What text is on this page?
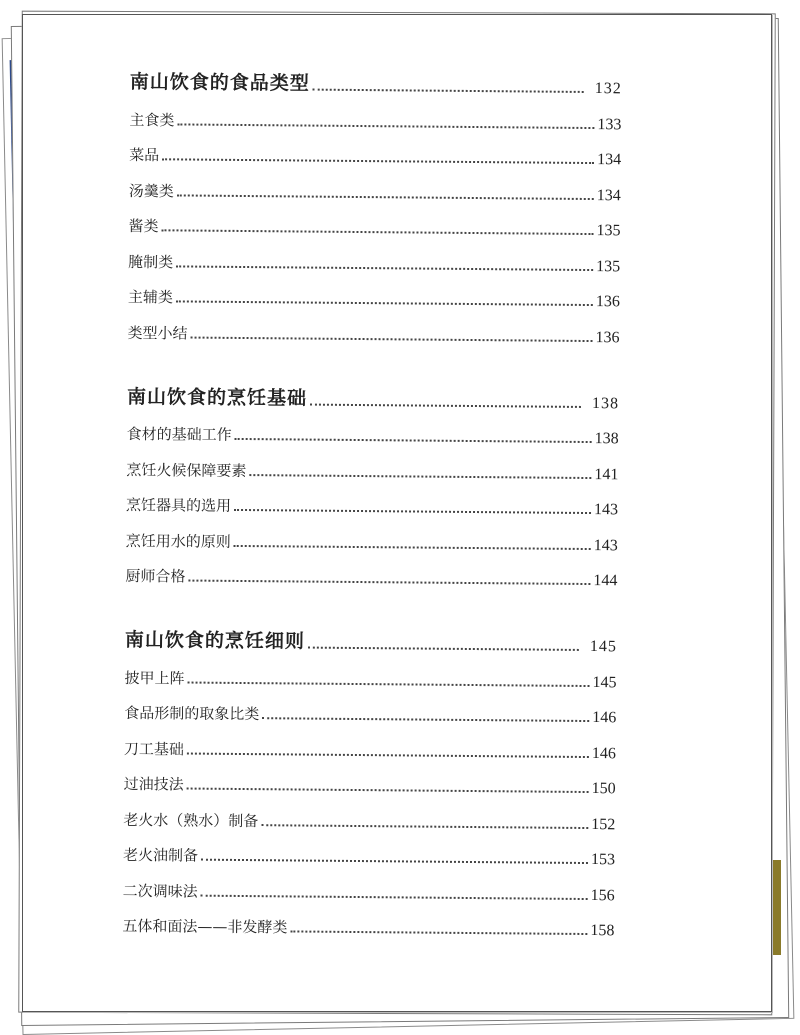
南山饮食的食品类型	132
主食类	133
菜品	134
汤羹类	134
酱类	135
腌制类	135
主辅类	136
类型小结	136
南山饮食的烹饪基础	138
食材的基础工作	138
烹饪火候保障要素	141
烹饪器具的选用	143
烹饪用水的原则	143
厨师合格	144
南山饮食的烹饪细则	145
披甲上阵	145
食品形制的取象比类	146
刀工基础	146
过油技法	150
老火水（熟水）制备	152
老火油制备	153
二次调味法	156
五体和面法——非发酵类	158
